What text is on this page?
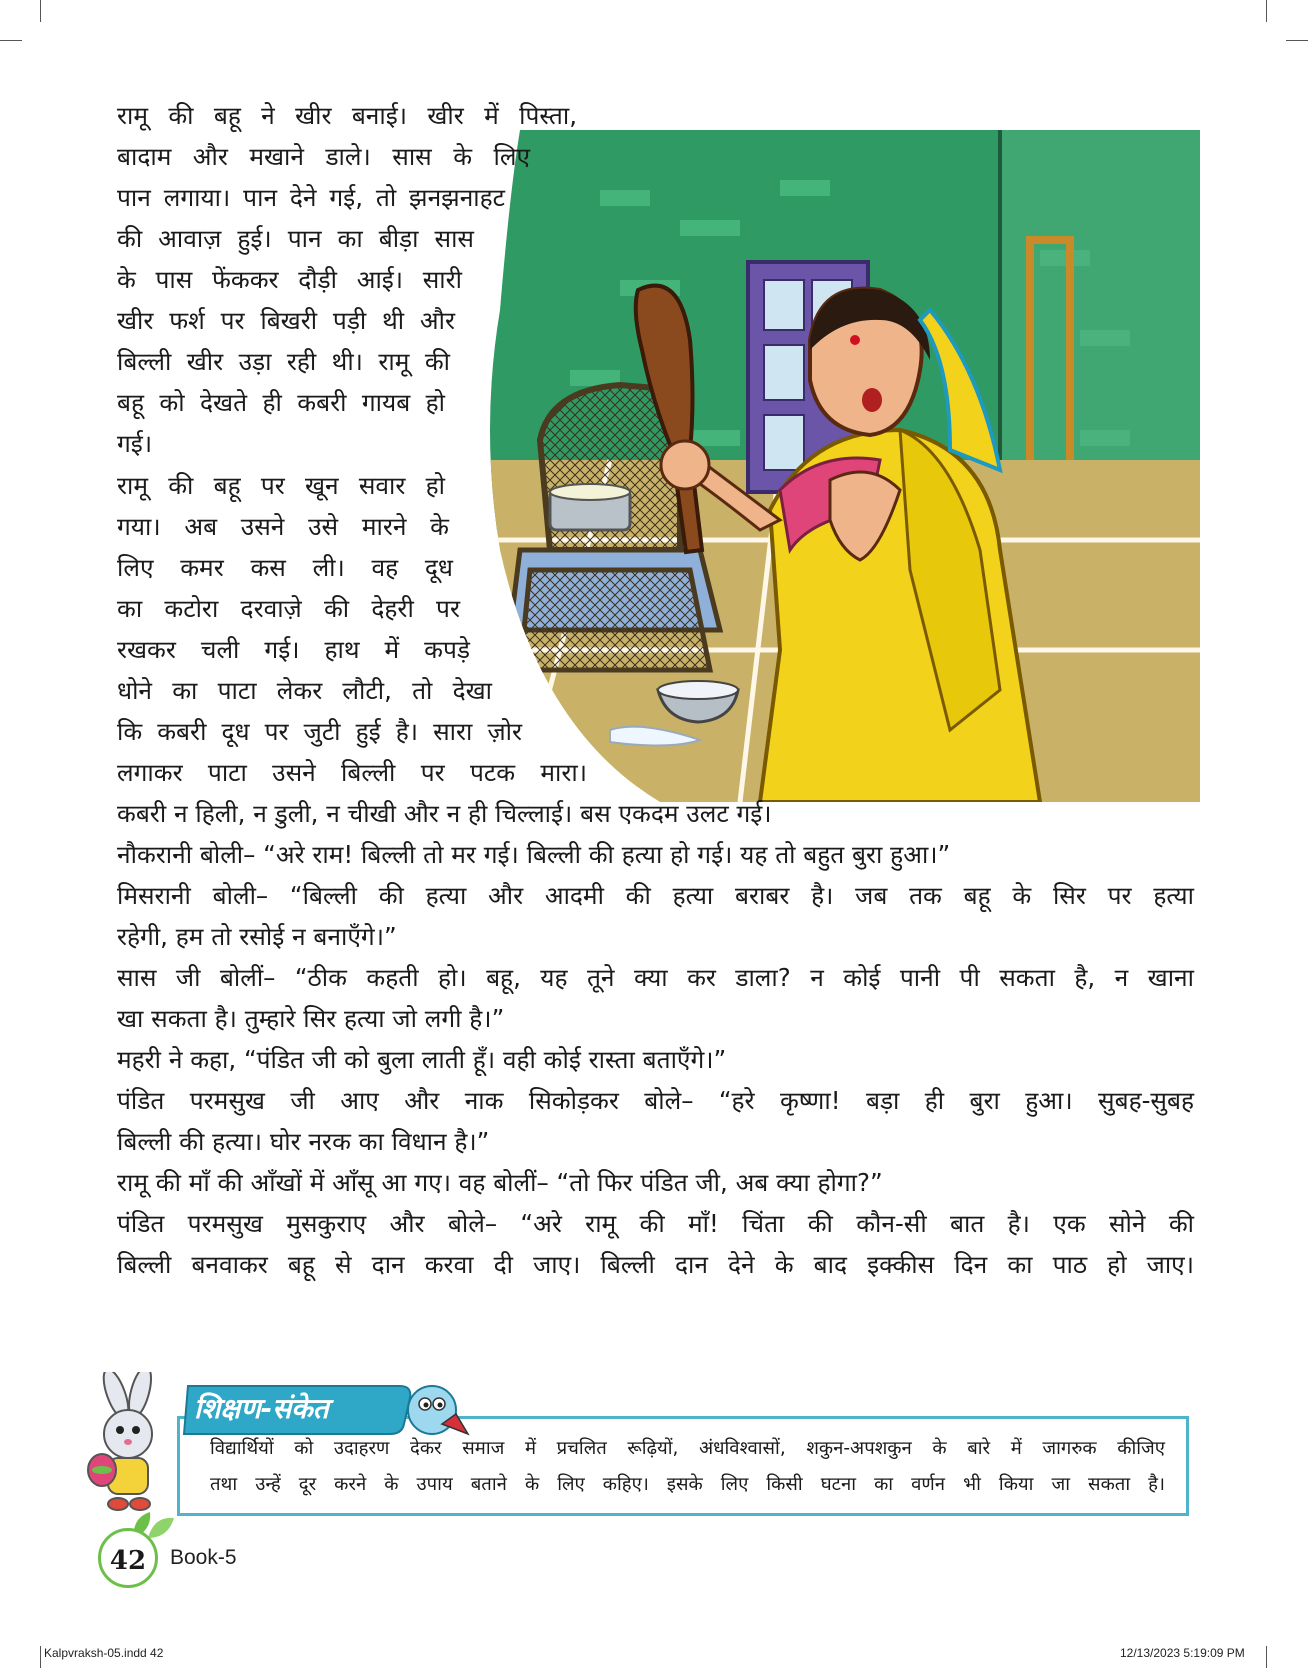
रामू की बहू ने खीर बनाई। खीर में पिस्ता,
बादाम और मखाने डाले। सास के लिए
पान लगाया। पान देने गई, तो झनझनाहट
की आवाज़ हुई। पान का बीड़ा सास
के पास फेंककर दौड़ी आई। सारी
खीर फर्श पर बिखरी पड़ी थी और
बिल्ली खीर उड़ा रही थी। रामू की
बहू को देखते ही कबरी गायब हो
गई।
रामू की बहू पर खून सवार हो
गया। अब उसने उसे मारने के
लिए कमर कस ली। वह दूध
का कटोरा दरवाज़े की देहरी पर
रखकर चली गई। हाथ में कपड़े
धोने का पाटा लेकर लौटी, तो देखा
कि कबरी दूध पर जुटी हुई है। सारा ज़ोर
लगाकर पाटा उसने बिल्ली पर पटक मारा।
कबरी न हिली, न डुली, न चीखी और न ही चिल्लाई। बस एकदम उलट गई।
नौकरानी बोली– “अरे राम! बिल्ली तो मर गई। बिल्ली की हत्या हो गई। यह तो बहुत बुरा हुआ।”
मिसरानी बोली– “बिल्ली की हत्या और आदमी की हत्या बराबर है। जब तक बहू के सिर पर हत्या
रहेगी, हम तो रसोई न बनाएँगे।”
सास जी बोलीं– “ठीक कहती हो। बहू, यह तूने क्या कर डाला? न कोई पानी पी सकता है, न खाना
खा सकता है। तुम्हारे सिर हत्या जो लगी है।”
महरी ने कहा, “पंडित जी को बुला लाती हूँ। वही कोई रास्ता बताएँगे।”
पंडित परमसुख जी आए और नाक सिकोड़कर बोले– “हरे कृष्णा! बड़ा ही बुरा हुआ। सुबह-सुबह
बिल्ली की हत्या। घोर नरक का विधान है।”
रामू की माँ की आँखों में आँसू आ गए। वह बोलीं– “तो फिर पंडित जी, अब क्या होगा?”
पंडित परमसुख मुसकुराए और बोले– “अरे रामू की माँ! चिंता की कौन-सी बात है। एक सोने की
बिल्ली बनवाकर बहू से दान करवा दी जाए। बिल्ली दान देने के बाद इक्कीस दिन का पाठ हो जाए।
शिक्षण-संकेत
विद्यार्थियों को उदाहरण देकर समाज में प्रचलित रूढ़ियों, अंधविश्वासों, शकुन-अपशकुन के बारे में जागरुक कीजिए
तथा उन्हें दूर करने के उपाय बताने के लिए कहिए। इसके लिए किसी घटना का वर्णन भी किया जा सकता है।
42	Book-5
Kalpvraksh-05.indd 42	12/13/2023 5:19:09 PM
